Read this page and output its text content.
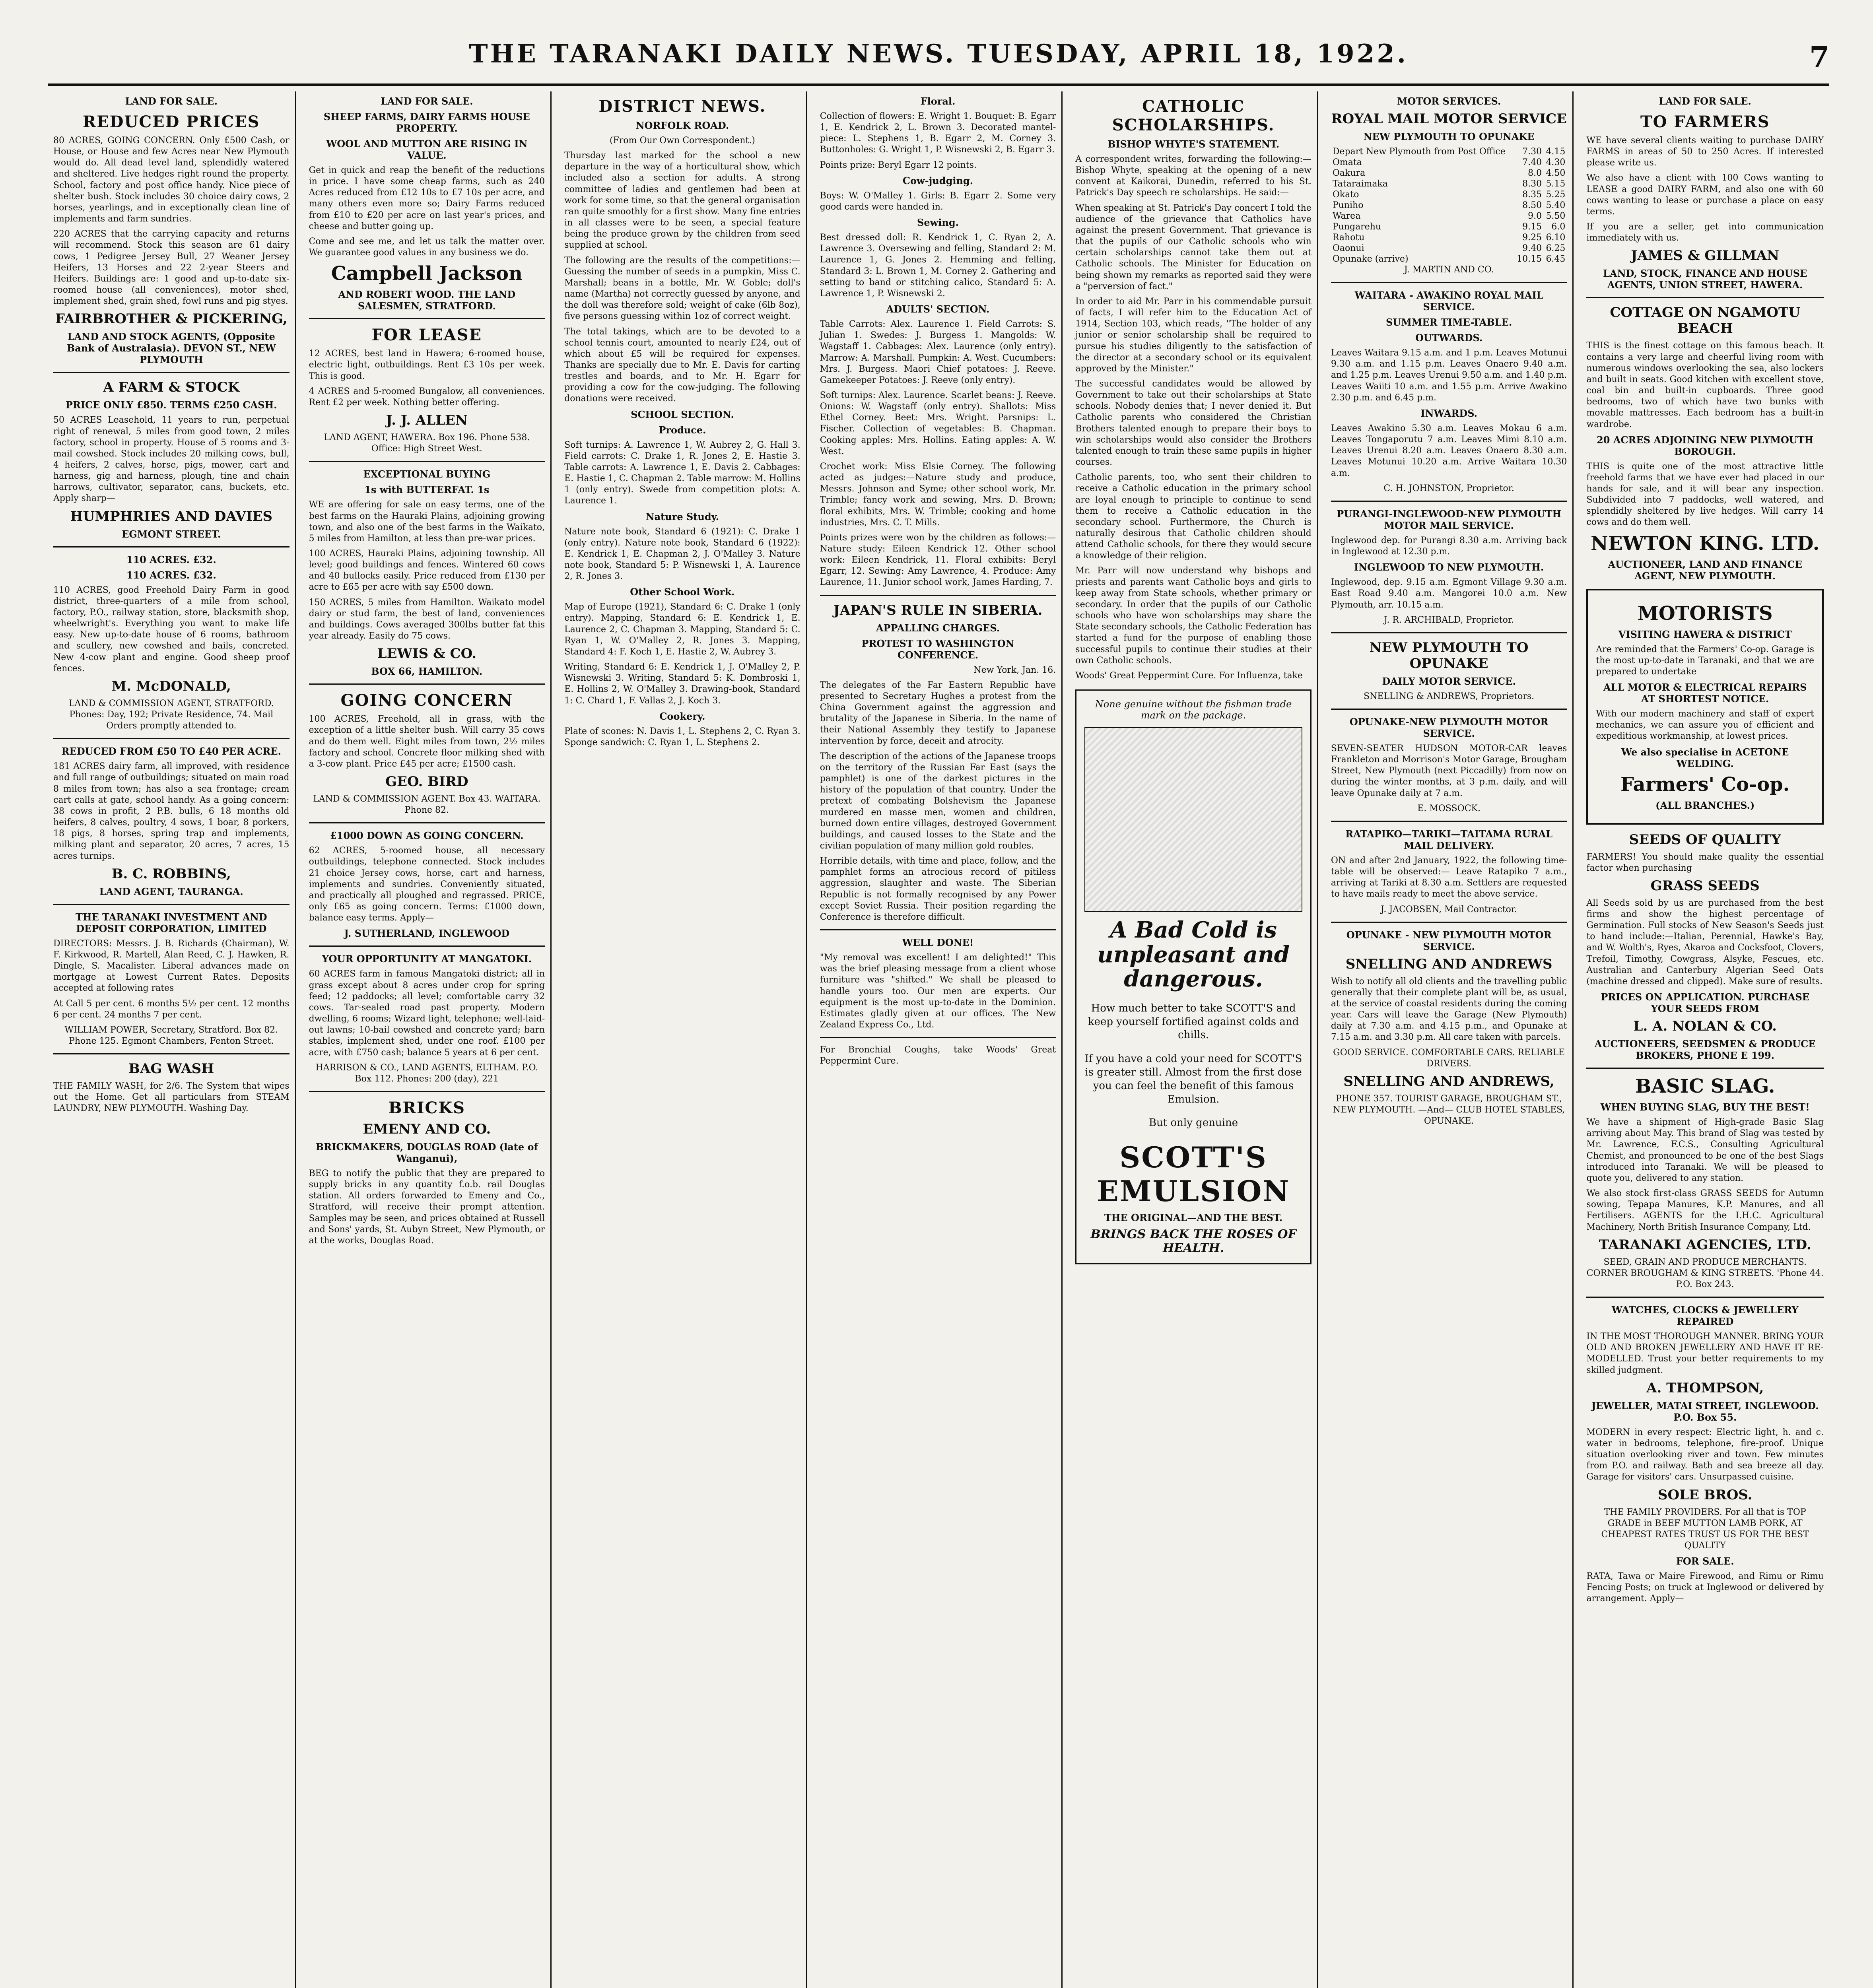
THE TARANAKI DAILY NEWS. TUESDAY, APRIL 18, 1922.	7
LAND FOR SALE.
REDUCED PRICES

80 ACRES, GOING CONCERN. Only £500 Cash, or House, or House and few Acres near New Plymouth would do. All dead level land, splendidly watered and sheltered. Live hedges right round the property. School, factory and post office handy. Nice piece of shelter bush. Stock includes 30 choice dairy cows, 2 horses, yearlings, and in exceptionally clean line of implements and farm sundries.

220 ACRES that the carrying capacity and returns will recommend. Stock this season are 61 dairy cows, 1 Pedigree Jersey Bull, 27 Weaner Jersey Heifers, 13 Horses and 22 2-year Steers and Heifers. Buildings are: 1 good and up-to-date six-roomed house (all conveniences), motor shed, implement shed, grain shed, fowl runs and pig styes.

FAIRBROTHER & PICKERING,
LAND AND STOCK AGENTS, (Opposite Bank of Australasia). DEVON ST., NEW PLYMOUTH
A FARM & STOCK
PRICE ONLY £850. TERMS £250 CASH.

50 ACRES Leasehold, 11 years to run, perpetual right of renewal, 5 miles from good town, 2 miles factory, school in property. House of 5 rooms and 3-mail cowshed. Stock includes 20 milking cows, bull, 4 heifers, 2 calves, horse, pigs, mower, cart and harness, gig and harness, plough, tine and chain harrows, cultivator, separator, cans, buckets, etc. Apply sharp—

HUMPHRIES AND DAVIES
EGMONT STREET.
110 ACRES. £32.
110 ACRES. £32.

110 ACRES, good Freehold Dairy Farm in good district, three-quarters of a mile from school, factory, P.O., railway station, store, blacksmith shop, wheelwright's. Everything you want to make life easy. New up-to-date house of 6 rooms, bathroom and scullery, new cowshed and bails, concreted. New 4-cow plant and engine. Good sheep proof fences.

M. McDONALD,

LAND & COMMISSION AGENT, STRATFORD. Phones: Day, 192; Private Residence, 74. Mail Orders promptly attended to.

REDUCED FROM £50 TO £40 PER ACRE.

181 ACRES dairy farm, all improved, with residence and full range of outbuildings; situated on main road 8 miles from town; has also a sea frontage; cream cart calls at gate, school handy. As a going concern: 38 cows in profit, 2 P.B. bulls, 6 18 months old heifers, 8 calves, poultry, 4 sows, 1 boar, 8 porkers, 18 pigs, 8 horses, spring trap and implements, milking plant and separator, 20 acres, 7 acres, 15 acres turnips.

B. C. ROBBINS,
LAND AGENT, TAURANGA.
THE TARANAKI INVESTMENT AND DEPOSIT CORPORATION, LIMITED

DIRECTORS: Messrs. J. B. Richards (Chairman), W. F. Kirkwood, R. Martell, Alan Reed, C. J. Hawken, R. Dingle, S. Macalister. Liberal advances made on mortgage at Lowest Current Rates. Deposits accepted at following rates

At Call 5 per cent. 6 months 5½ per cent. 12 months 6 per cent. 24 months 7 per cent.

WILLIAM POWER, Secretary, Stratford. Box 82. Phone 125. Egmont Chambers, Fenton Street.

BAG WASH

THE FAMILY WASH, for 2/6. The System that wipes out the Home. Get all particulars from STEAM LAUNDRY, NEW PLYMOUTH. Washing Day.

LAND FOR SALE.
SHEEP FARMS, DAIRY FARMS HOUSE PROPERTY.
WOOL AND MUTTON ARE RISING IN VALUE.

Get in quick and reap the benefit of the reductions in price. I have some cheap farms, such as 240 Acres reduced from £12 10s to £7 10s per acre, and many others even more so; Dairy Farms reduced from £10 to £20 per acre on last year's prices, and cheese and butter going up.

Come and see me, and let us talk the matter over. We guarantee good values in any business we do.

Campbell Jackson
AND ROBERT WOOD. THE LAND SALESMEN, STRATFORD.
FOR LEASE

12 ACRES, best land in Hawera; 6-roomed house, electric light, outbuildings. Rent £3 10s per week. This is good.

4 ACRES and 5-roomed Bungalow, all conveniences. Rent £2 per week. Nothing better offering.

J. J. ALLEN

LAND AGENT, HAWERA. Box 196. Phone 538. Office: High Street West.

EXCEPTIONAL BUYING
1s with BUTTERFAT. 1s

WE are offering for sale on easy terms, one of the best farms on the Hauraki Plains, adjoining growing town, and also one of the best farms in the Waikato, 5 miles from Hamilton, at less than pre-war prices.

100 ACRES, Hauraki Plains, adjoining township. All level; good buildings and fences. Wintered 60 cows and 40 bullocks easily. Price reduced from £130 per acre to £65 per acre with say £500 down.

150 ACRES, 5 miles from Hamilton. Waikato model dairy or stud farm, the best of land, conveniences and buildings. Cows averaged 300lbs butter fat this year already. Easily do 75 cows.

LEWIS & CO.
BOX 66, HAMILTON.
GOING CONCERN

100 ACRES, Freehold, all in grass, with the exception of a little shelter bush. Will carry 35 cows and do them well. Eight miles from town, 2½ miles factory and school. Concrete floor milking shed with a 3-cow plant. Price £45 per acre; £1500 cash.

GEO. BIRD

LAND & COMMISSION AGENT. Box 43. WAITARA. Phone 82.

£1000 DOWN AS GOING CONCERN.

62 ACRES, 5-roomed house, all necessary outbuildings, telephone connected. Stock includes 21 choice Jersey cows, horse, cart and harness, implements and sundries. Conveniently situated, and practically all ploughed and regrassed. PRICE, only £65 as going concern. Terms: £1000 down, balance easy terms. Apply—

J. SUTHERLAND, INGLEWOOD
YOUR OPPORTUNITY AT MANGATOKI.

60 ACRES farm in famous Mangatoki district; all in grass except about 8 acres under crop for spring feed; 12 paddocks; all level; comfortable carry 32 cows. Tar-sealed road past property. Modern dwelling, 6 rooms; Wizard light, telephone; well-laid-out lawns; 10-bail cowshed and concrete yard; barn stables, implement shed, under one roof. £100 per acre, with £750 cash; balance 5 years at 6 per cent.

HARRISON & CO., LAND AGENTS, ELTHAM. P.O. Box 112. Phones: 200 (day), 221

BRICKS
EMENY AND CO.
BRICKMAKERS, DOUGLAS ROAD (late of Wanganui),

BEG to notify the public that they are prepared to supply bricks in any quantity f.o.b. rail Douglas station. All orders forwarded to Emeny and Co., Stratford, will receive their prompt attention. Samples may be seen, and prices obtained at Russell and Sons' yards, St. Aubyn Street, New Plymouth, or at the works, Douglas Road.

DISTRICT NEWS.
NORFOLK ROAD.

(From Our Own Correspondent.)

Thursday last marked for the school a new departure in the way of a horticultural show, which included also a section for adults. A strong committee of ladies and gentlemen had been at work for some time, so that the general organisation ran quite smoothly for a first show. Many fine entries in all classes were to be seen, a special feature being the produce grown by the children from seed supplied at school.

The following are the results of the competitions:—Guessing the number of seeds in a pumpkin, Miss C. Marshall; beans in a bottle, Mr. W. Goble; doll's name (Martha) not correctly guessed by anyone, and the doll was therefore sold; weight of cake (6lb 8oz), five persons guessing within 1oz of correct weight.

The total takings, which are to be devoted to a school tennis court, amounted to nearly £24, out of which about £5 will be required for expenses. Thanks are specially due to Mr. E. Davis for carting trestles and boards, and to Mr. H. Egarr for providing a cow for the cow-judging. The following donations were received.

SCHOOL SECTION.
Produce.

Soft turnips: A. Lawrence 1, W. Aubrey 2, G. Hall 3. Field carrots: C. Drake 1, R. Jones 2, E. Hastie 3. Table carrots: A. Lawrence 1, E. Davis 2. Cabbages: E. Hastie 1, C. Chapman 2. Table marrow: M. Hollins 1 (only entry). Swede from competition plots: A. Laurence 1.

Nature Study.

Nature note book, Standard 6 (1921): C. Drake 1 (only entry). Nature note book, Standard 6 (1922): E. Kendrick 1, E. Chapman 2, J. O'Malley 3. Nature note book, Standard 5: P. Wisnewski 1, A. Laurence 2, R. Jones 3.

Other School Work.

Map of Europe (1921), Standard 6: C. Drake 1 (only entry). Mapping, Standard 6: E. Kendrick 1, E. Laurence 2, C. Chapman 3. Mapping, Standard 5: C. Ryan 1, W. O'Malley 2, R. Jones 3. Mapping, Standard 4: F. Koch 1, E. Hastie 2, W. Aubrey 3.

Writing, Standard 6: E. Kendrick 1, J. O'Malley 2, P. Wisnewski 3. Writing, Standard 5: K. Dombroski 1, E. Hollins 2, W. O'Malley 3. Drawing-book, Standard 1: C. Chard 1, F. Vallas 2, J. Koch 3.

Cookery.

Plate of scones: N. Davis 1, L. Stephens 2, C. Ryan 3. Sponge sandwich: C. Ryan 1, L. Stephens 2.

Floral.

Collection of flowers: E. Wright 1. Bouquet: B. Egarr 1, E. Kendrick 2, L. Brown 3. Decorated mantel-piece: L. Stephens 1, B. Egarr 2, M. Corney 3. Buttonholes: G. Wright 1, P. Wisnewski 2, B. Egarr 3.

Points prize: Beryl Egarr 12 points.

Cow-judging.

Boys: W. O'Malley 1. Girls: B. Egarr 2. Some very good cards were handed in.

Sewing.

Best dressed doll: R. Kendrick 1, C. Ryan 2, A. Lawrence 3. Oversewing and felling, Standard 2: M. Laurence 1, G. Jones 2. Hemming and felling, Standard 3: L. Brown 1, M. Corney 2. Gathering and setting to band or stitching calico, Standard 5: A. Lawrence 1, P. Wisnewski 2.

ADULTS' SECTION.

Table Carrots: Alex. Laurence 1. Field Carrots: S. Julian 1. Swedes: J. Burgess 1. Mangolds: W. Wagstaff 1. Cabbages: Alex. Laurence (only entry). Marrow: A. Marshall. Pumpkin: A. West. Cucumbers: Mrs. J. Burgess. Maori Chief potatoes: J. Reeve. Gamekeeper Potatoes: J. Reeve (only entry).

Soft turnips: Alex. Laurence. Scarlet beans: J. Reeve. Onions: W. Wagstaff (only entry). Shallots: Miss Ethel Corney. Beet: Mrs. Wright. Parsnips: L. Fischer. Collection of vegetables: B. Chapman. Cooking apples: Mrs. Hollins. Eating apples: A. W. West.

Crochet work: Miss Elsie Corney. The following acted as judges:—Nature study and produce, Messrs. Johnson and Syme; other school work, Mr. Trimble; fancy work and sewing, Mrs. D. Brown; floral exhibits, Mrs. W. Trimble; cooking and home industries, Mrs. C. T. Mills.

Points prizes were won by the children as follows:— Nature study: Eileen Kendrick 12. Other school work: Eileen Kendrick, 11. Floral exhibits: Beryl Egarr, 12. Sewing: Amy Lawrence, 4. Produce: Amy Laurence, 11. Junior school work, James Harding, 7.

JAPAN'S RULE IN SIBERIA.
APPALLING CHARGES.
PROTEST TO WASHINGTON CONFERENCE.

New York, Jan. 16.

The delegates of the Far Eastern Republic have presented to Secretary Hughes a protest from the China Government against the aggression and brutality of the Japanese in Siberia. In the name of their National Assembly they testify to Japanese intervention by force, deceit and atrocity.

The description of the actions of the Japanese troops on the territory of the Russian Far East (says the pamphlet) is one of the darkest pictures in the history of the population of that country. Under the pretext of combating Bolshevism the Japanese murdered en masse men, women and children, burned down entire villages, destroyed Government buildings, and caused losses to the State and the civilian population of many million gold roubles.

Horrible details, with time and place, follow, and the pamphlet forms an atrocious record of pitiless aggression, slaughter and waste. The Siberian Republic is not formally recognised by any Power except Soviet Russia. Their position regarding the Conference is therefore difficult.

WELL DONE!

"My removal was excellent! I am delighted!" This was the brief pleasing message from a client whose furniture was "shifted." We shall be pleased to handle yours too. Our men are experts. Our equipment is the most up-to-date in the Dominion. Estimates gladly given at our offices. The New Zealand Express Co., Ltd.

For Bronchial Coughs, take Woods' Great Peppermint Cure.

CATHOLIC SCHOLARSHIPS.
BISHOP WHYTE'S STATEMENT.

A correspondent writes, forwarding the following:— Bishop Whyte, speaking at the opening of a new convent at Kaikorai, Dunedin, referred to his St. Patrick's Day speech re scholarships. He said:—

When speaking at St. Patrick's Day concert I told the audience of the grievance that Catholics have against the present Government. That grievance is that the pupils of our Catholic schools who win certain scholarships cannot take them out at Catholic schools. The Minister for Education on being shown my remarks as reported said they were a "perversion of fact."

In order to aid Mr. Parr in his commendable pursuit of facts, I will refer him to the Education Act of 1914, Section 103, which reads, "The holder of any junior or senior scholarship shall be required to pursue his studies diligently to the satisfaction of the director at a secondary school or its equivalent approved by the Minister."

The successful candidates would be allowed by Government to take out their scholarships at State schools. Nobody denies that; I never denied it. But Catholic parents who considered the Christian Brothers talented enough to prepare their boys to win scholarships would also consider the Brothers talented enough to train these same pupils in higher courses.

Catholic parents, too, who sent their children to receive a Catholic education in the primary school are loyal enough to principle to continue to send them to receive a Catholic education in the secondary school. Furthermore, the Church is naturally desirous that Catholic children should attend Catholic schools, for there they would secure a knowledge of their religion.

Mr. Parr will now understand why bishops and priests and parents want Catholic boys and girls to keep away from State schools, whether primary or secondary. In order that the pupils of our Catholic schools who have won scholarships may share the State secondary schools, the Catholic Federation has started a fund for the purpose of enabling those successful pupils to continue their studies at their own Catholic schools.

Woods' Great Peppermint Cure. For Influenza, take

None genuine without the fishman trade mark on the package.
A Bad Cold is unpleasant and dangerous.

How much better to take SCOTT'S and keep yourself fortified against colds and chills.

If you have a cold your need for SCOTT'S is greater still. Almost from the first dose you can feel the benefit of this famous Emulsion.

But only genuine

SCOTT'S EMULSION
THE ORIGINAL—AND THE BEST.
BRINGS BACK THE ROSES OF HEALTH.
MOTOR SERVICES.
ROYAL MAIL MOTOR SERVICE
NEW PLYMOUTH TO OPUNAKE
Depart New Plymouth from Post Office	7.30	4.15
Omata	7.40	4.30
Oakura	8.0	4.50
Tataraimaka	8.30	5.15
Okato	8.35	5.25
Puniho	8.50	5.40
Warea	9.0	5.50
Pungarehu	9.15	6.0
Rahotu	9.25	6.10
Oaonui	9.40	6.25
Opunake (arrive)	10.15	6.45

J. MARTIN AND CO.

WAITARA - AWAKINO ROYAL MAIL SERVICE.
SUMMER TIME-TABLE.
OUTWARDS.

Leaves Waitara 9.15 a.m. and 1 p.m. Leaves Motunui 9.30 a.m. and 1.15 p.m. Leaves Onaero 9.40 a.m. and 1.25 p.m. Leaves Urenui 9.50 a.m. and 1.40 p.m. Leaves Waiiti 10 a.m. and 1.55 p.m. Arrive Awakino 2.30 p.m. and 6.45 p.m.

INWARDS.

Leaves Awakino 5.30 a.m. Leaves Mokau 6 a.m. Leaves Tongaporutu 7 a.m. Leaves Mimi 8.10 a.m. Leaves Urenui 8.20 a.m. Leaves Onaero 8.30 a.m. Leaves Motunui 10.20 a.m. Arrive Waitara 10.30 a.m.

C. H. JOHNSTON, Proprietor.

PURANGI-INGLEWOOD-NEW PLYMOUTH MOTOR MAIL SERVICE.

Inglewood dep. for Purangi 8.30 a.m. Arriving back in Inglewood at 12.30 p.m.

INGLEWOOD TO NEW PLYMOUTH.

Inglewood, dep. 9.15 a.m. Egmont Village 9.30 a.m. East Road 9.40 a.m. Mangorei 10.0 a.m. New Plymouth, arr. 10.15 a.m.

J. R. ARCHIBALD, Proprietor.

NEW PLYMOUTH TO OPUNAKE
DAILY MOTOR SERVICE.

SNELLING & ANDREWS, Proprietors.

OPUNAKE-NEW PLYMOUTH MOTOR SERVICE.

SEVEN-SEATER HUDSON MOTOR-CAR leaves Frankleton and Morrison's Motor Garage, Brougham Street, New Plymouth (next Piccadilly) from now on during the winter months, at 3 p.m. daily, and will leave Opunake daily at 7 a.m.

E. MOSSOCK.

RATAPIKO—TARIKI—TAITAMA RURAL MAIL DELIVERY.

ON and after 2nd January, 1922, the following time-table will be observed:— Leave Ratapiko 7 a.m., arriving at Tariki at 8.30 a.m. Settlers are requested to have mails ready to meet the above service.

J. JACOBSEN, Mail Contractor.

OPUNAKE - NEW PLYMOUTH MOTOR SERVICE.
SNELLING AND ANDREWS

Wish to notify all old clients and the travelling public generally that their complete plant will be, as usual, at the service of coastal residents during the coming year. Cars will leave the Garage (New Plymouth) daily at 7.30 a.m. and 4.15 p.m., and Opunake at 7.15 a.m. and 3.30 p.m. All care taken with parcels.

GOOD SERVICE. COMFORTABLE CARS. RELIABLE DRIVERS.

SNELLING AND ANDREWS,

PHONE 357. TOURIST GARAGE, BROUGHAM ST., NEW PLYMOUTH. —And— CLUB HOTEL STABLES, OPUNAKE.

LAND FOR SALE.
TO FARMERS

WE have several clients waiting to purchase DAIRY FARMS in areas of 50 to 250 Acres. If interested please write us.

We also have a client with 100 Cows wanting to LEASE a good DAIRY FARM, and also one with 60 cows wanting to lease or purchase a place on easy terms.

If you are a seller, get into communication immediately with us.

JAMES & GILLMAN
LAND, STOCK, FINANCE AND HOUSE AGENTS, UNION STREET, HAWERA.
COTTAGE ON NGAMOTU BEACH

THIS is the finest cottage on this famous beach. It contains a very large and cheerful living room with numerous windows overlooking the sea, also lockers and built in seats. Good kitchen with excellent stove, coal bin and built-in cupboards. Three good bedrooms, two of which have two bunks with movable mattresses. Each bedroom has a built-in wardrobe.

20 ACRES ADJOINING NEW PLYMOUTH BOROUGH.

THIS is quite one of the most attractive little freehold farms that we have ever had placed in our hands for sale, and it will bear any inspection. Subdivided into 7 paddocks, well watered, and splendidly sheltered by live hedges. Will carry 14 cows and do them well.

NEWTON KING. LTD.
AUCTIONEER, LAND AND FINANCE AGENT, NEW PLYMOUTH.
MOTORISTS
VISITING HAWERA & DISTRICT

Are reminded that the Farmers' Co-op. Garage is the most up-to-date in Taranaki, and that we are prepared to undertake

ALL MOTOR & ELECTRICAL REPAIRS AT SHORTEST NOTICE.

With our modern machinery and staff of expert mechanics, we can assure you of efficient and expeditious workmanship, at lowest prices.

We also specialise in ACETONE WELDING.
Farmers' Co-op.
(ALL BRANCHES.)
SEEDS OF QUALITY

FARMERS! You should make quality the essential factor when purchasing

GRASS SEEDS

All Seeds sold by us are purchased from the best firms and show the highest percentage of Germination. Full stocks of New Season's Seeds just to hand include:—Italian, Perennial, Hawke's Bay, and W. Wolth's, Ryes, Akaroa and Cocksfoot, Clovers, Trefoil, Timothy, Cowgrass, Alsyke, Fescues, etc. Australian and Canterbury Algerian Seed Oats (machine dressed and clipped). Make sure of results.

PRICES ON APPLICATION. PURCHASE YOUR SEEDS FROM
L. A. NOLAN & CO.
AUCTIONEERS, SEEDSMEN & PRODUCE BROKERS, PHONE E 199.
BASIC SLAG.
WHEN BUYING SLAG, BUY THE BEST!

We have a shipment of High-grade Basic Slag arriving about May. This brand of Slag was tested by Mr. Lawrence, F.C.S., Consulting Agricultural Chemist, and pronounced to be one of the best Slags introduced into Taranaki. We will be pleased to quote you, delivered to any station.

We also stock first-class GRASS SEEDS for Autumn sowing, Tepapa Manures, K.P. Manures, and all Fertilisers. AGENTS for the I.H.C. Agricultural Machinery, North British Insurance Company, Ltd.

TARANAKI AGENCIES, LTD.

SEED, GRAIN AND PRODUCE MERCHANTS. CORNER BROUGHAM & KING STREETS. 'Phone 44. P.O. Box 243.

WATCHES, CLOCKS & JEWELLERY REPAIRED

IN THE MOST THOROUGH MANNER. BRING YOUR OLD AND BROKEN JEWELLERY AND HAVE IT RE-MODELLED. Trust your better requirements to my skilled judgment.

A. THOMPSON,
JEWELLER, MATAI STREET, INGLEWOOD. P.O. Box 55.

MODERN in every respect: Electric light, h. and c. water in bedrooms, telephone, fire-proof. Unique situation overlooking river and town. Few minutes from P.O. and railway. Bath and sea breeze all day. Garage for visitors' cars. Unsurpassed cuisine.

SOLE BROS.

THE FAMILY PROVIDERS. For all that is TOP GRADE in BEEF MUTTON LAMB PORK, AT CHEAPEST RATES TRUST US FOR THE BEST QUALITY

FOR SALE.

RATA, Tawa or Maire Firewood, and Rimu or Rimu Fencing Posts; on truck at Inglewood or delivered by arrangement. Apply—
